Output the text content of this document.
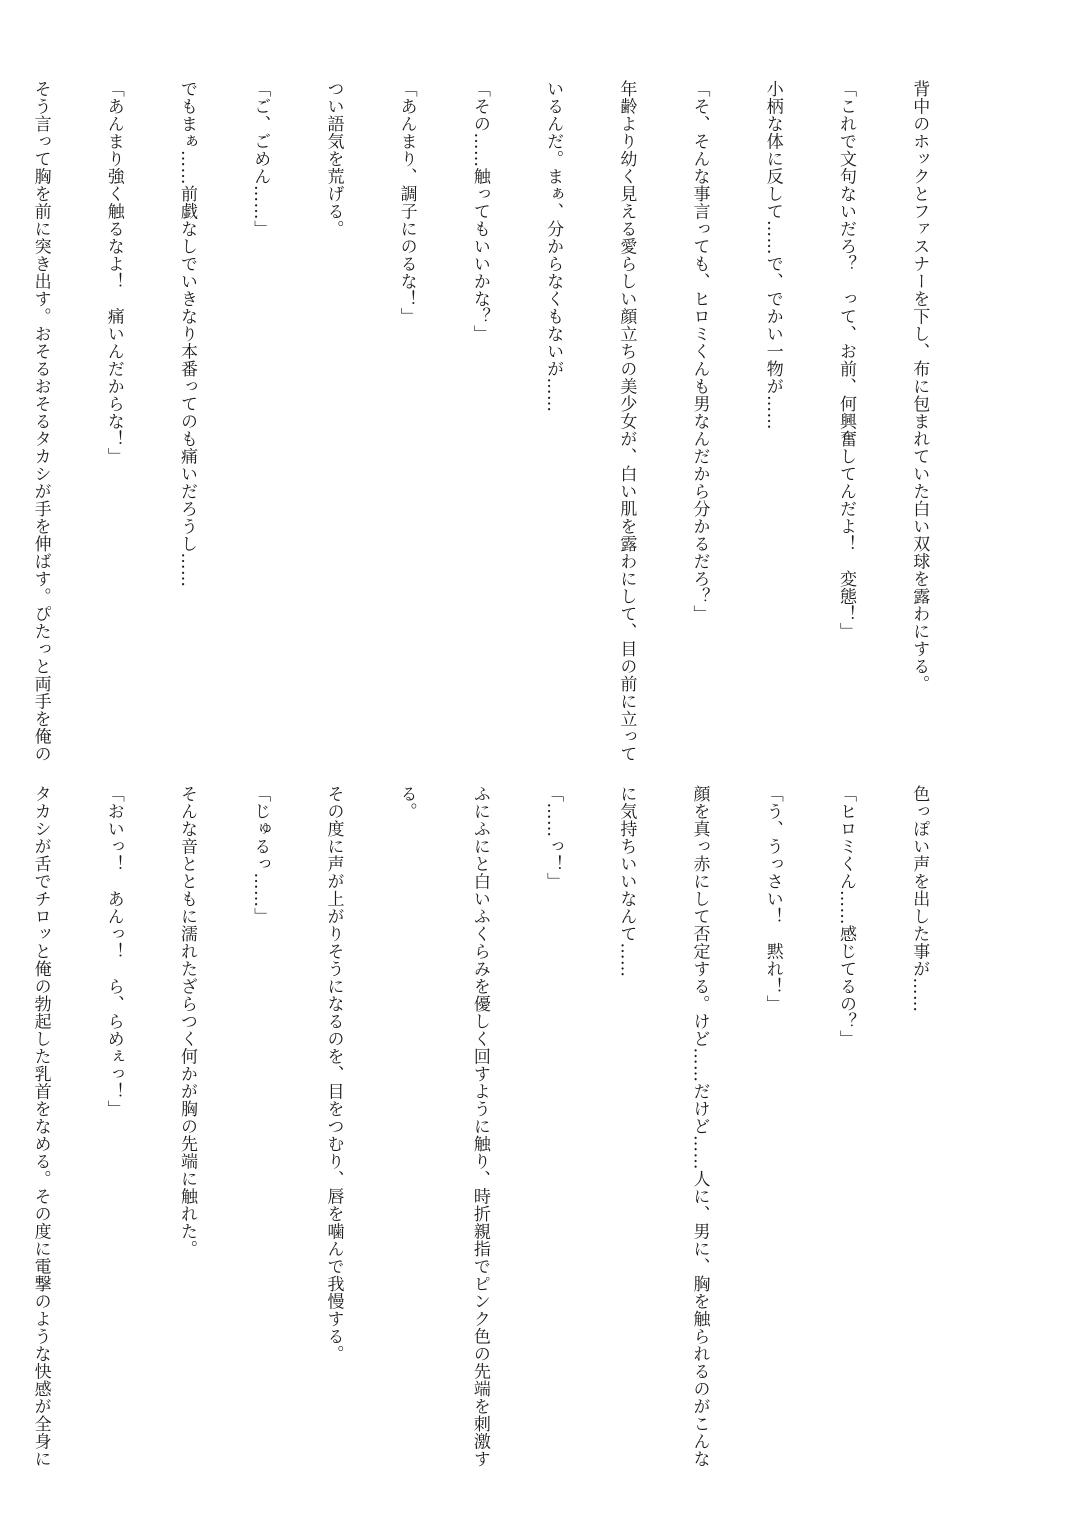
背中のホックとファスナーを下し、布に包まれていた白い双球を露わにする。

「これで文句ないだろ？　って、お前、何興奮してんだよ！　変態！」

小柄な体に反して……で、でかい一物が……

「そ、そんな事言っても、ヒロミくんも男なんだから分かるだろ？」

年齢より幼く見える愛らしい顔立ちの美少女が、白い肌を露わにして、目の前に立って

いるんだ。まぁ、分からなくもないが……

「その……触ってもいいかな？」

「あんまり、調子にのるな！」

つい語気を荒げる。

「ご、ごめん……」

でもまぁ……前戯なしでいきなり本番ってのも痛いだろうし……

「あんまり強く触るなよ！　痛いんだからな！」

そう言って胸を前に突き出す。おそるおそるタカシが手を伸ばす。ぴたっと両手を俺の

色っぽい声を出した事が……

「ヒロミくん……感じてるの？」

「う、うっさい！　黙れ！」

顔を真っ赤にして否定する。けど……だけど……人に、男に、胸を触られるのがこんな

に気持ちいいなんて……

「……っ！」

ふにふにと白いふくらみを優しく回すように触り、時折親指でピンク色の先端を刺激す

る。

その度に声が上がりそうになるのを、目をつむり、唇を噛んで我慢する。

「じゅるっ……」

そんな音とともに濡れたざらつく何かが胸の先端に触れた。

「おいっ！　あんっ！　ら、らめぇっ！」

タカシが舌でチロッと俺の勃起した乳首をなめる。その度に電撃のような快感が全身に
